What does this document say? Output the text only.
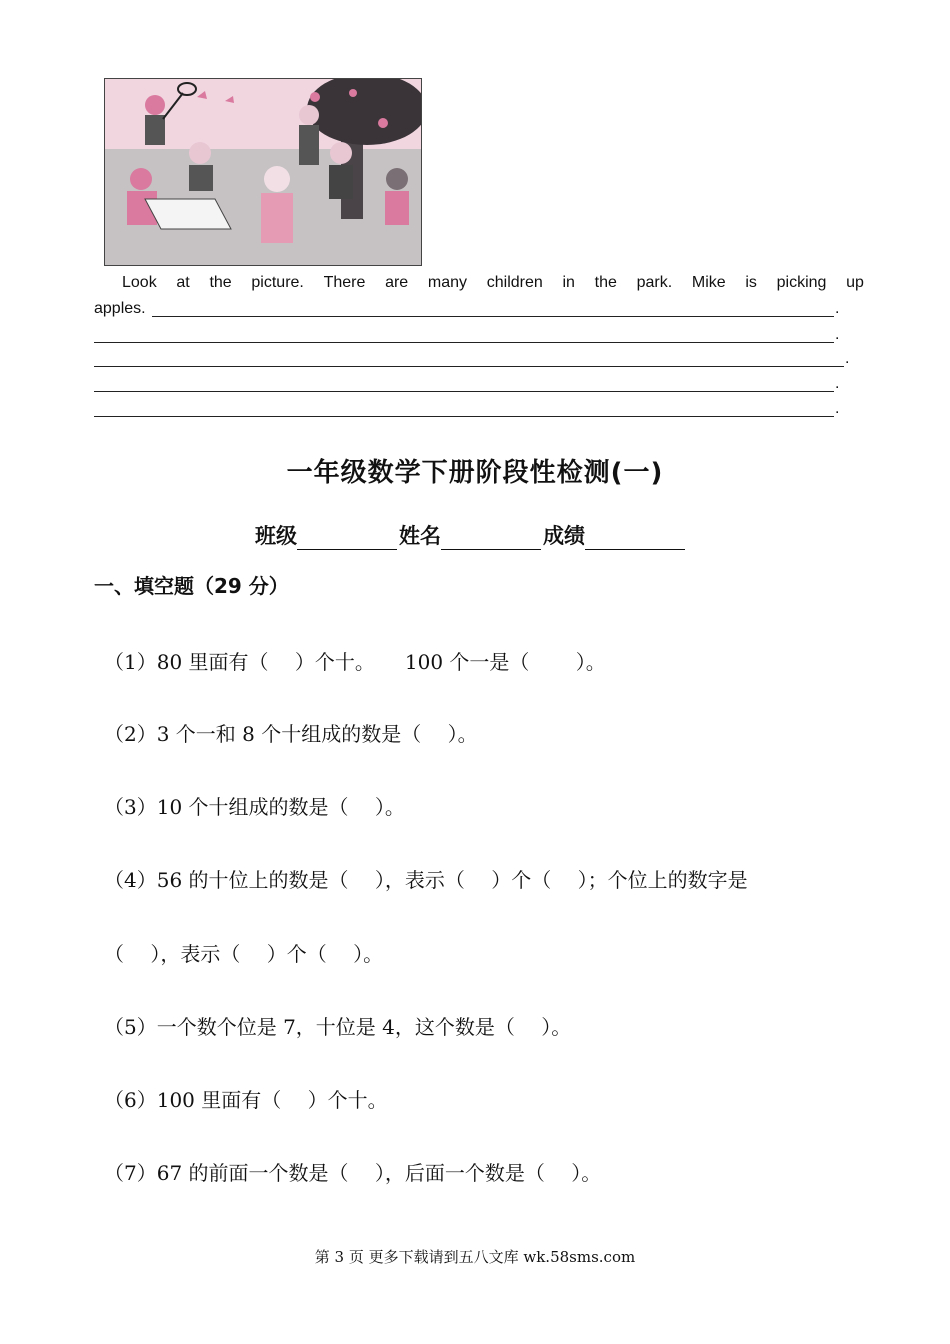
Look at the picture. There are many children in the park. Mike is picking up
apples.	.
.
.
.
.
一年级数学下册阶段性检测(一)
班级	姓名	成绩
一、填空题（29 分）
（1）80 里面有（　 ）个十。　　100 个一是（　　 ）。
（2）3 个一和 8 个十组成的数是（　 ）。
（3）10 个十组成的数是（　 ）。
（4）56 的十位上的数是（　 ），表示（　 ）个（　 ）；个位上的数字是
（　 ），表示（　 ）个（　 ）。
（5）一个数个位是 7，十位是 4，这个数是（　 ）。
（6）100 里面有（　 ）个十。
（7）67 的前面一个数是（　 ），后面一个数是（　 ）。
第 3 页 更多下载请到五八文库 wk.58sms.com
